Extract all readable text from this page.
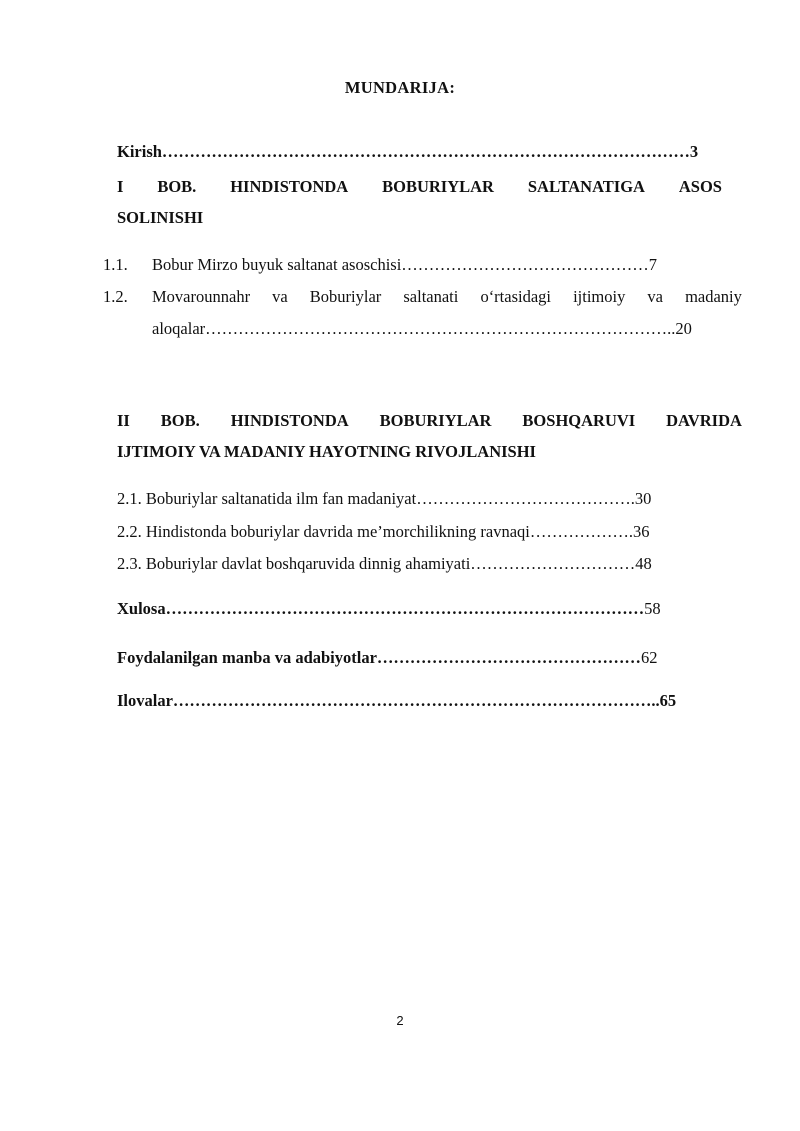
MUNDARIJA:
Kirish……………………………………………………………………………………3
I BOB. HINDISTONDA BOBURIYLAR SALTANATIGA ASOS
SOLINISHI
1.1. Bobur Mirzo buyuk saltanat asoschisi………………………………………7
1.2. Movarounnahr va Boburiylar saltanati o‘rtasidagi ijtimoiy va madaniy
aloqalar…………………………………………………………………………..20
II BOB. HINDISTONDA BOBURIYLAR BOSHQARUVI DAVRIDA
IJTIMOIY VA MADANIY HAYOTNING RIVOJLANISHI
2.1. Boburiylar saltanatida ilm fan madaniyat………………………………….30
2.2. Hindistonda boburiylar davrida me’morchilikning ravnaqi……………….36
2.3. Boburiylar davlat boshqaruvida dinnig ahamiyati…………………………48
Xulosa……………………………………………………………………………58
Foydalanilgan manba va adabiyotlar…………………………………………62
Ilovalar……………………………………………………………………………..65
2
